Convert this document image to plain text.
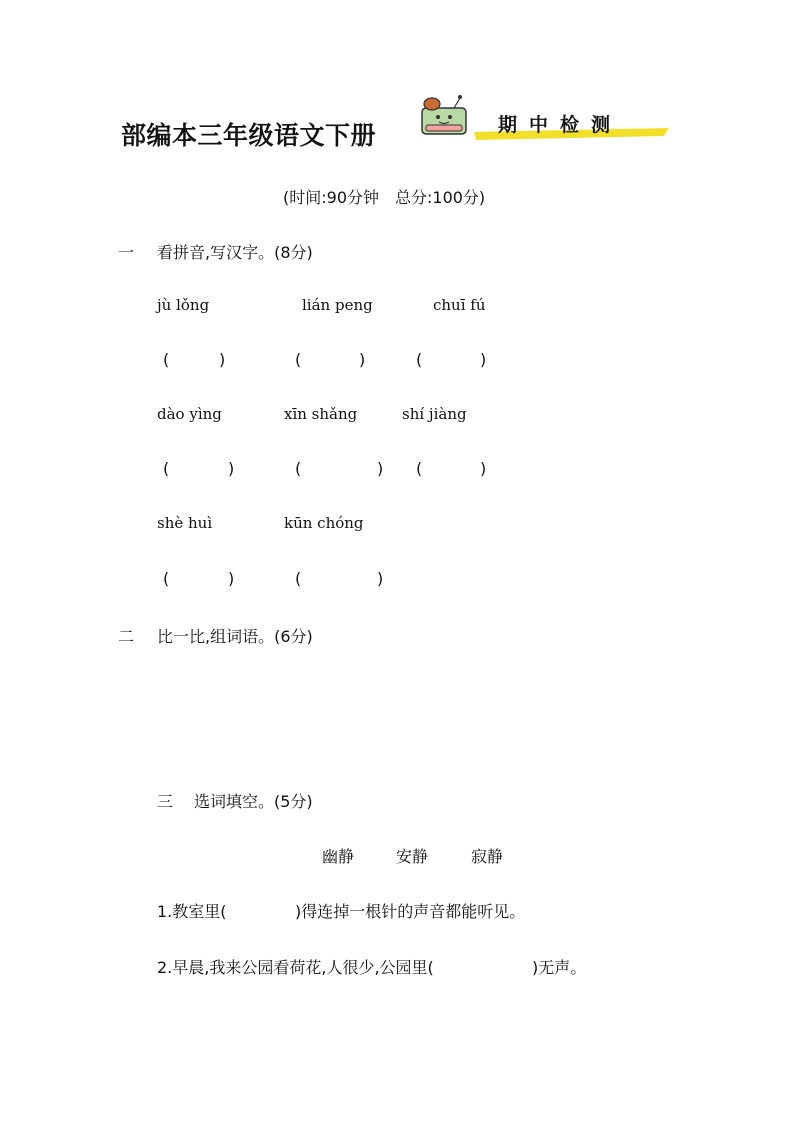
部编本三年级语文下册	期中检测
(时间:90分钟　总分:100分)
一 看拼音,写汉字。(8分)
jù lǒng	lián peng	chuī fú
(	)	(	)	(	)
dào yìng	xīn shǎng	shí jiàng
(	)	(	) (	)
shè huì	kūn chóng
(	)	(	)
二 比一比,组词语。(6分)
三 选词填空。(5分)
幽静	安静	寂静
1.教室里(	)得连掉一根针的声音都能听见。
2.早晨,我来公园看荷花,人很少,公园里(	)无声。
